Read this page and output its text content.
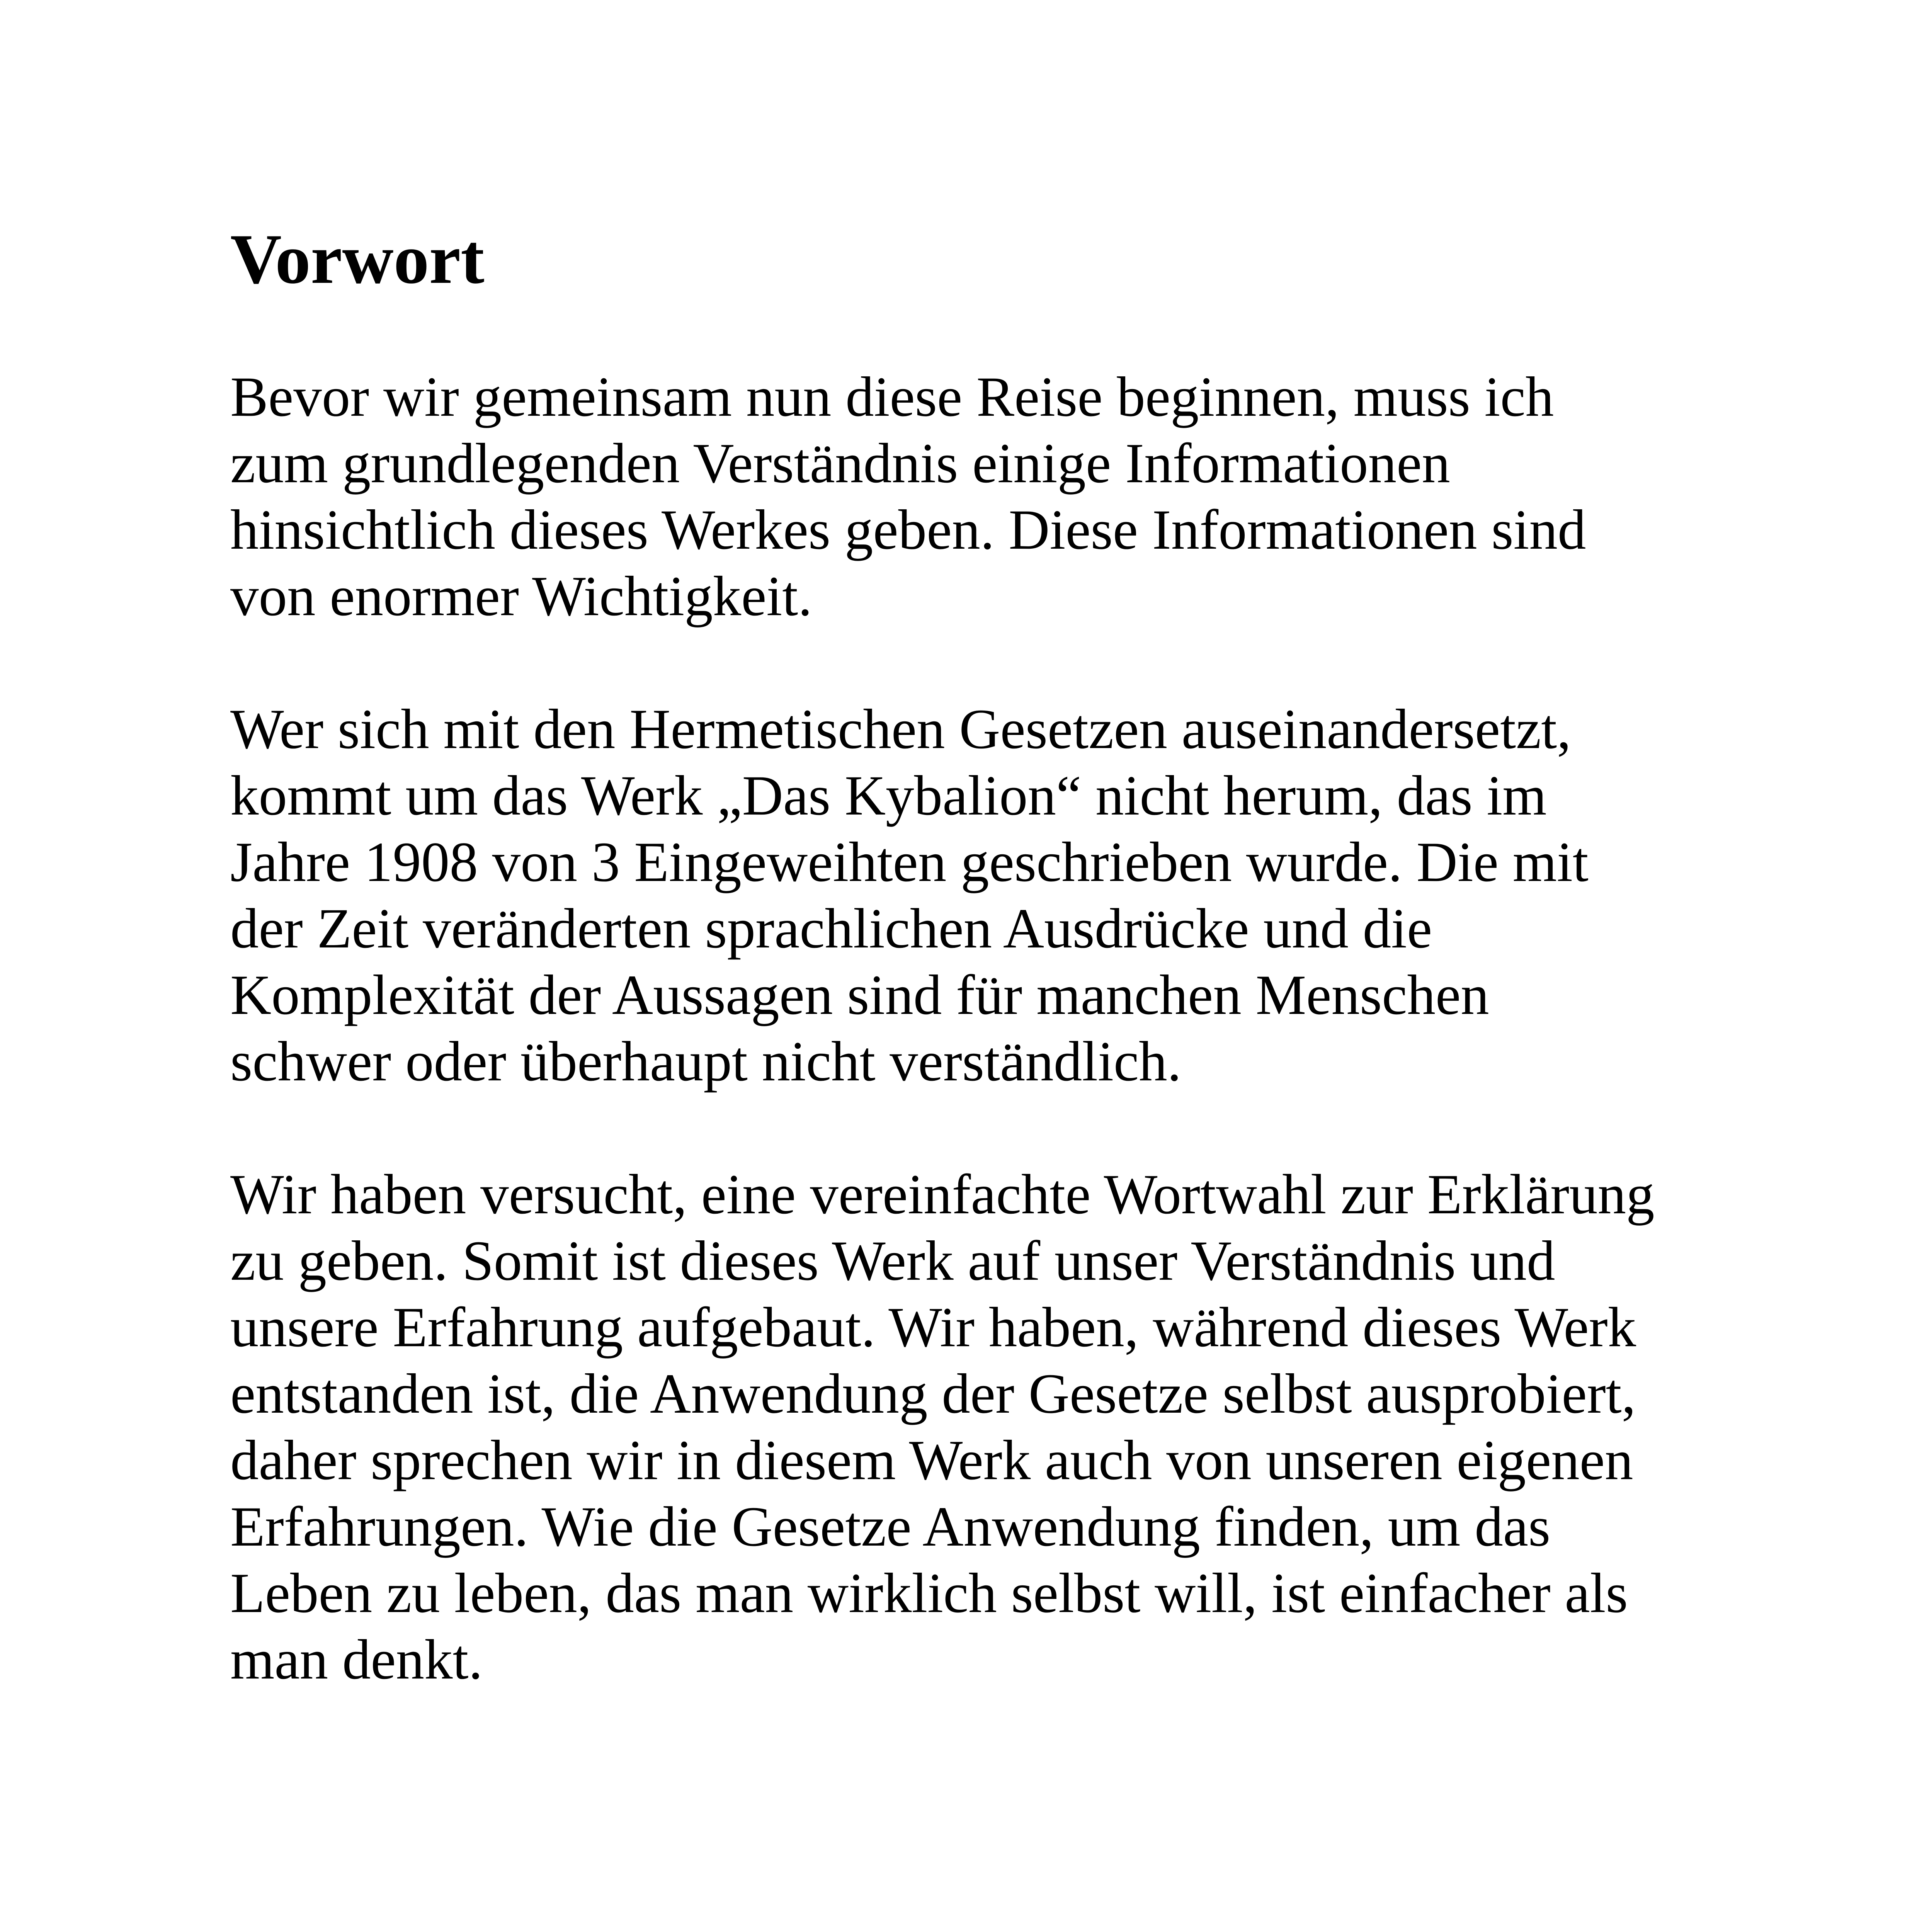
Vorwort
Bevor wir gemeinsam nun diese Reise beginnen, muss ich
zum grundlegenden Verständnis einige Informationen
hinsichtlich dieses Werkes geben. Diese Informationen sind
von enormer Wichtigkeit.
Wer sich mit den Hermetischen Gesetzen auseinandersetzt,
kommt um das Werk „Das Kybalion“ nicht herum, das im
Jahre 1908 von 3 Eingeweihten geschrieben wurde. Die mit
der Zeit veränderten sprachlichen Ausdrücke und die
Komplexität der Aussagen sind für manchen Menschen
schwer oder überhaupt nicht verständlich.
Wir haben versucht, eine vereinfachte Wortwahl zur Erklärung
zu geben. Somit ist dieses Werk auf unser Verständnis und
unsere Erfahrung aufgebaut. Wir haben, während dieses Werk
entstanden ist, die Anwendung der Gesetze selbst ausprobiert,
daher sprechen wir in diesem Werk auch von unseren eigenen
Erfahrungen. Wie die Gesetze Anwendung finden, um das
Leben zu leben, das man wirklich selbst will, ist einfacher als
man denkt.
